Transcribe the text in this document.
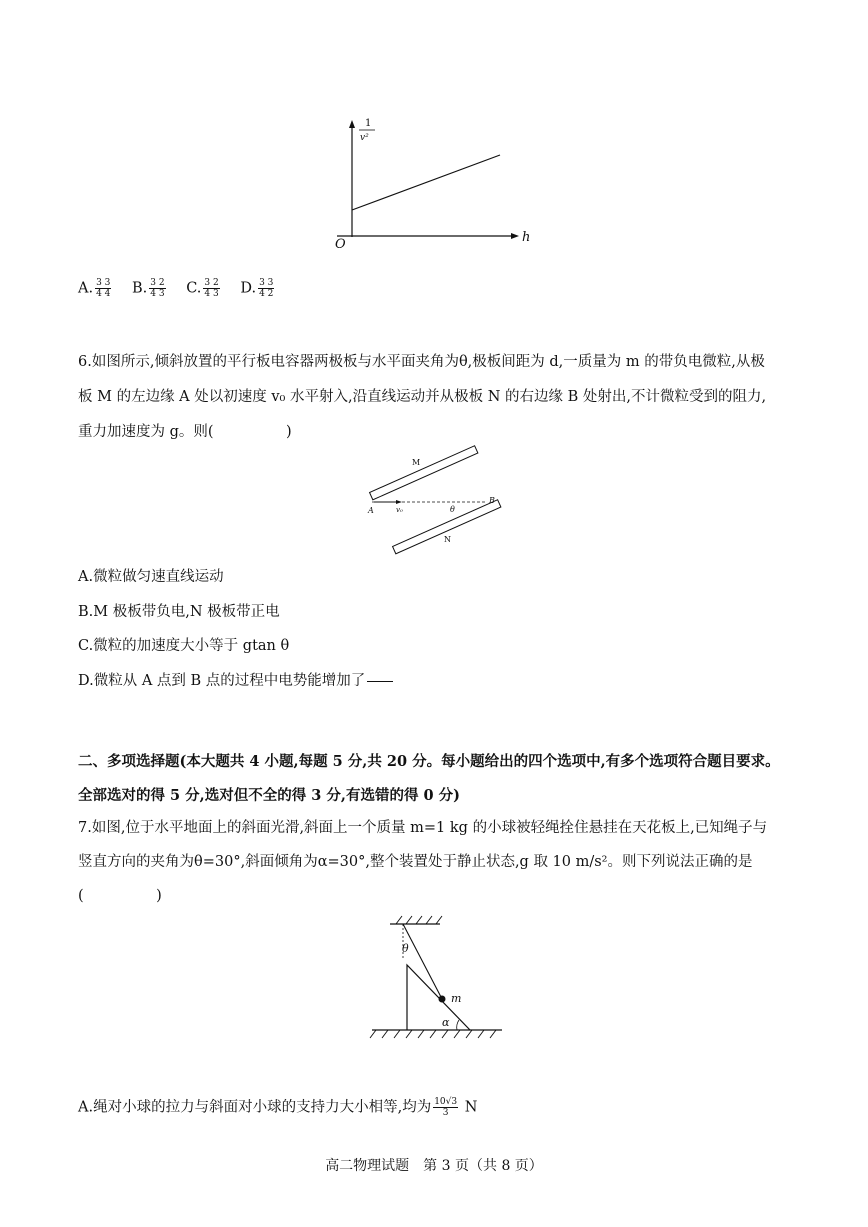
1
v²
O	h
A. $\frac{3 3}{4 4} B$. $\frac{3 2}{4 3} C$. $\frac{3 2}{4 3} D$. $\frac{3 3}{4 2}$
6.如图所示,倾斜放置的平行板电容器两极板与水平面夹角为θ,极板间距为 d,一质量为 m 的带负电微粒,从极
板 M 的左边缘 A 处以初速度 v₀ 水平射入,沿直线运动并从极板 N 的右边缘 B 处射出,不计微粒受到的阻力,
重力加速度为 g。则(　　　　　)
M
N
A
B
v₀	θ
A.微粒做匀速直线运动
B.M 极板带负电,N 极板带正电
C.微粒的加速度大小等于 gtan θ
D.微粒从 A 点到 B 点的过程中电势能增加了
二、多项选择题(本大题共 4 小题,每题 5 分,共 20 分。每小题给出的四个选项中,有多个选项符合题目要求。
全部选对的得 5 分,选对但不全的得 3 分,有选错的得 0 分)
7.如图,位于水平地面上的斜面光滑,斜面上一个质量 m=1 kg 的小球被轻绳拴住悬挂在天花板上,已知绳子与
竖直方向的夹角为θ=30°,斜面倾角为α=30°,整个装置处于静止状态,g 取 10 m/s²。则下列说法正确的是
(　　　　　)
θ
m
α
A.绳对小球的拉力与斜面对小球的支持力大小相等,均为 $\frac{10√3}{3}$ N
高二物理试题　第 3 页（共 8 页）
